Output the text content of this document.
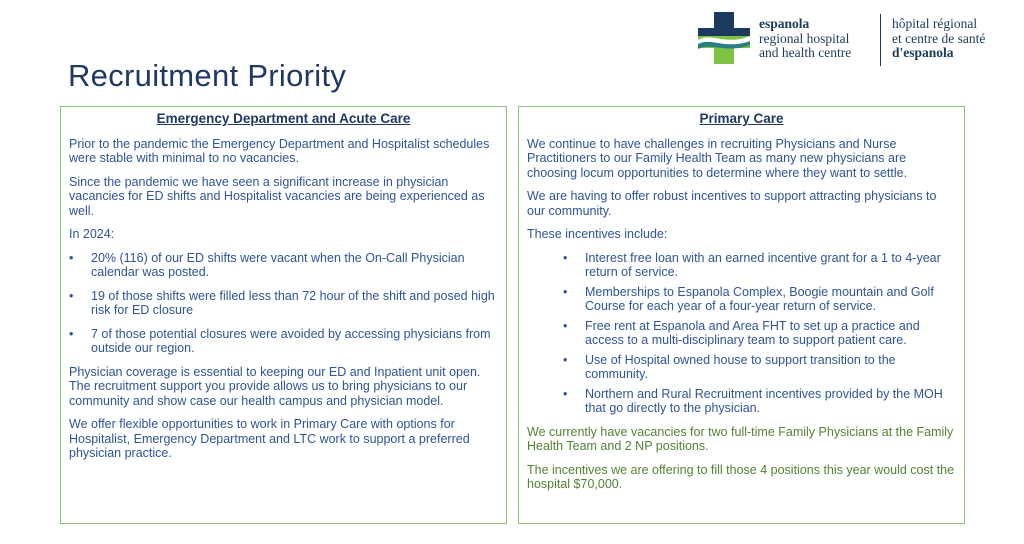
espanola
regional hospital
and health centre
hôpital régional
et centre de santé
d'espanola
Recruitment Priority
Emergency Department and Acute Care
Prior to the pandemic the Emergency Department and Hospitalist schedules were stable with minimal to no vacancies.
Since the pandemic we have seen a significant increase in physician vacancies for ED shifts and Hospitalist vacancies are being experienced as well.
In 2024:
• 20% (116) of our ED shifts were vacant when the On-Call Physician calendar was posted.
• 19 of those shifts were filled less than 72 hour of the shift and posed high risk for ED closure
• 7 of those potential closures were avoided by accessing physicians from outside our region.
Physician coverage is essential to keeping our ED and Inpatient unit open. The recruitment support you provide allows us to bring physicians to our community and show case our health campus and physician model.
We offer flexible opportunities to work in Primary Care with options for Hospitalist, Emergency Department and LTC work to support a preferred physician practice.
Primary Care
We continue to have challenges in recruiting Physicians and Nurse Practitioners to our Family Health Team as many new physicians are choosing locum opportunities to determine where they want to settle.
We are having to offer robust incentives to support attracting physicians to our community.
These incentives include:
• Interest free loan with an earned incentive grant for a 1 to 4-year return of service.
• Memberships to Espanola Complex, Boogie mountain and Golf Course for each year of a four-year return of service.
• Free rent at Espanola and Area FHT to set up a practice and access to a multi-disciplinary team to support patient care.
• Use of Hospital owned house to support transition to the community.
• Northern and Rural Recruitment incentives provided by the MOH that go directly to the physician.
We currently have vacancies for two full-time Family Physicians at the Family Health Team and 2 NP positions.
The incentives we are offering to fill those 4 positions this year would cost the hospital $70,000.
